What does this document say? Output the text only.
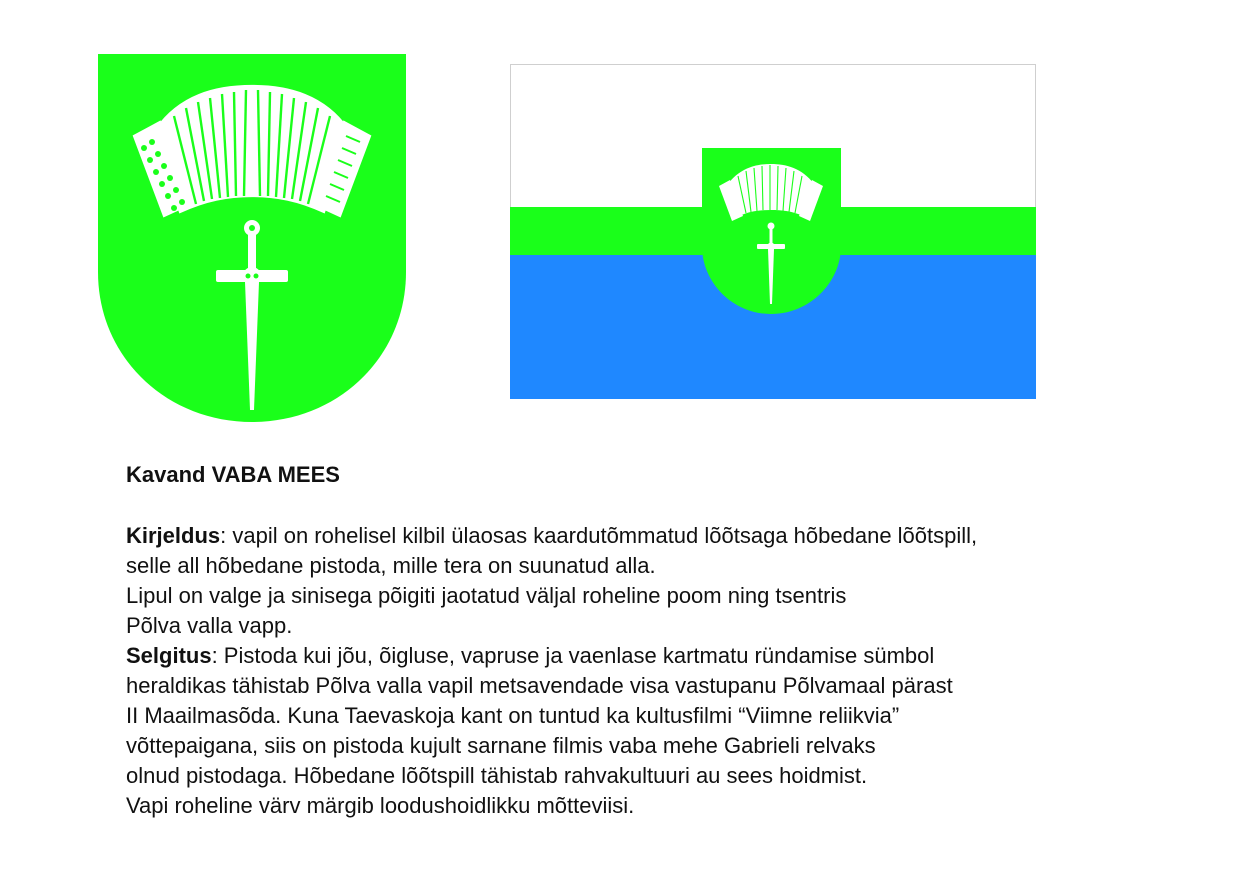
Kavand VABA MEES
Kirjeldus: vapil on rohelisel kilbil ülaosas kaardutõmmatud lõõtsaga hõbedane lõõtspill,
selle all hõbedane pistoda, mille tera on suunatud alla.
Lipul on valge ja sinisega põigiti jaotatud väljal roheline poom ning tsentris
Põlva valla vapp.
Selgitus: Pistoda kui jõu, õigluse, vapruse ja vaenlase kartmatu ründamise sümbol
heraldikas tähistab Põlva valla vapil metsavendade visa vastupanu Põlvamaal pärast
II Maailmasõda. Kuna Taevaskoja kant on tuntud ka kultusfilmi “Viimne reliikvia”
võttepaigana, siis on pistoda kujult sarnane filmis vaba mehe Gabrieli relvaks
olnud pistodaga. Hõbedane lõõtspill tähistab rahvakultuuri au sees hoidmist.
Vapi roheline värv märgib loodushoidlikku mõtteviisi.
